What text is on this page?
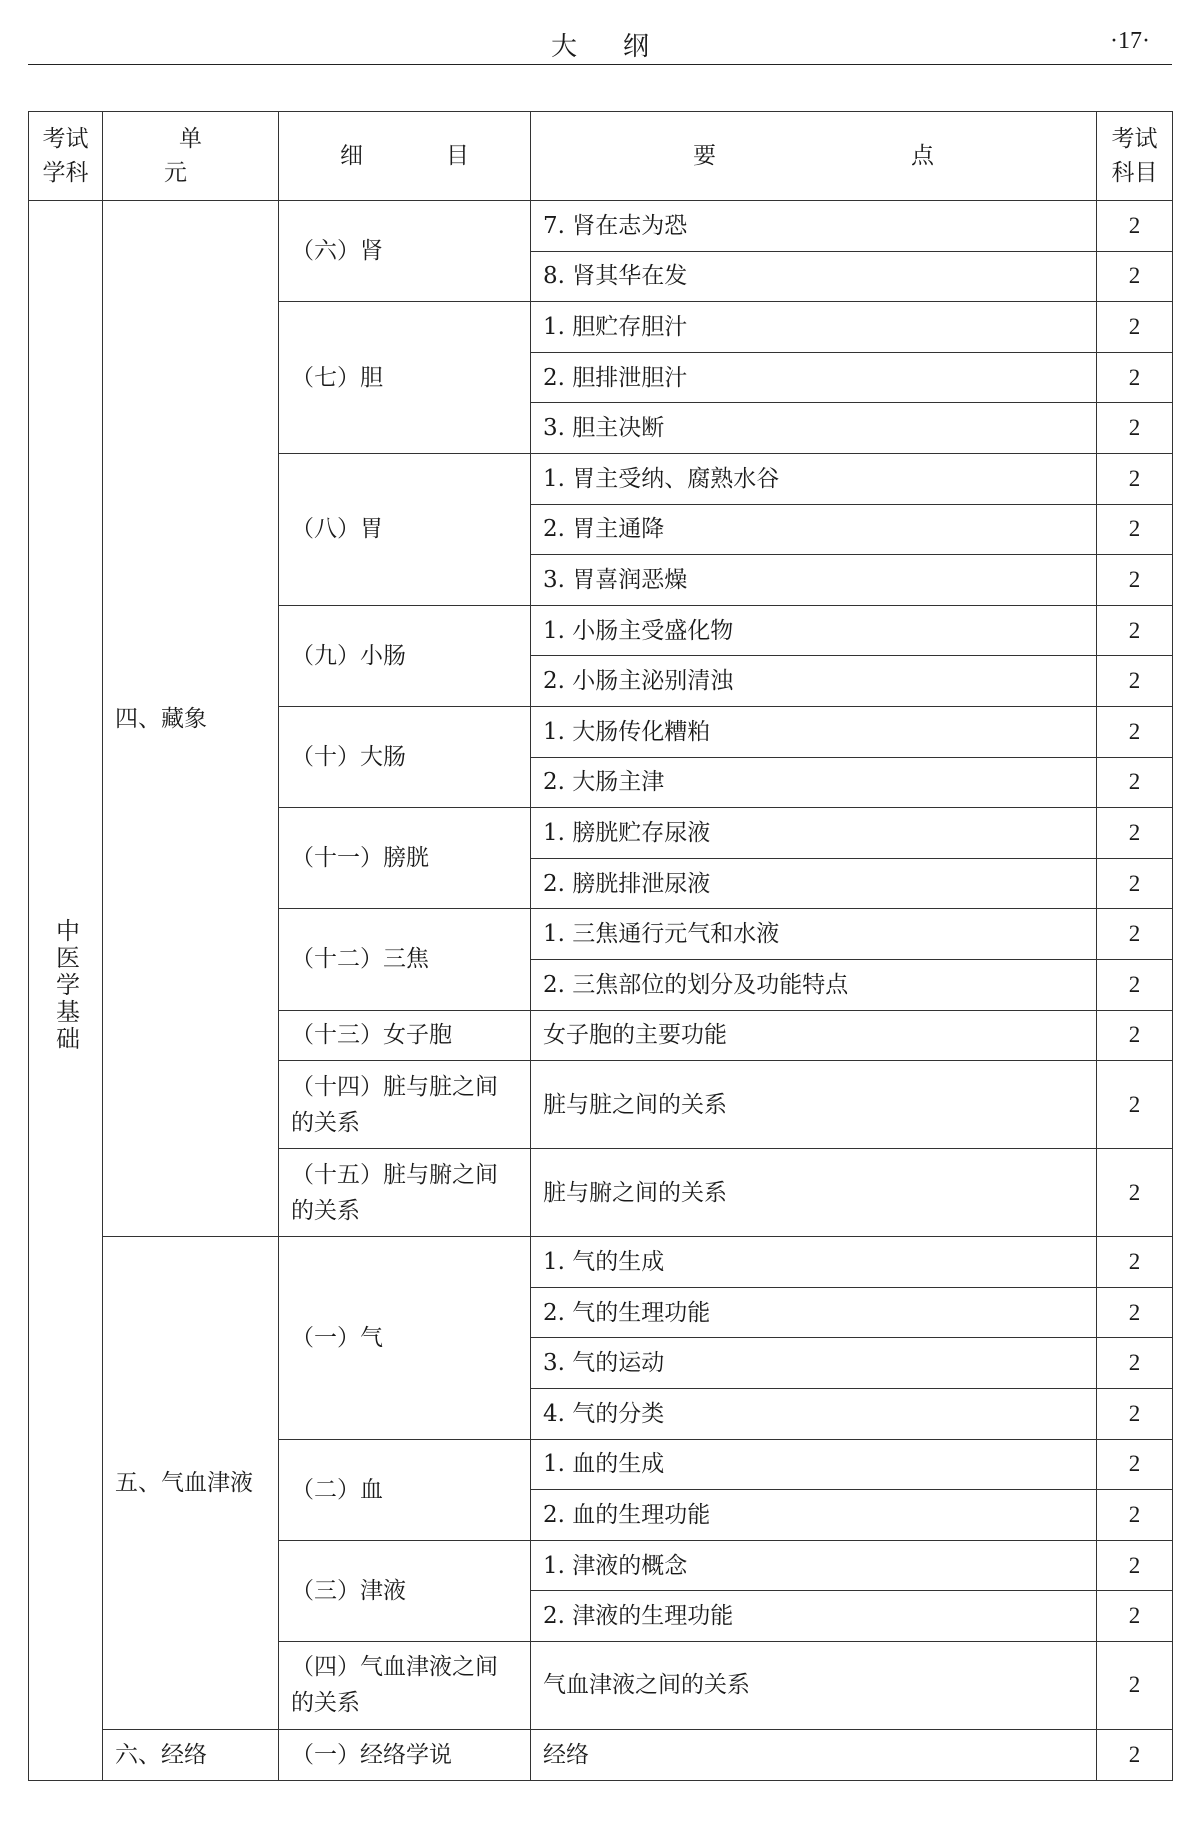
大纲	·17·
考试学科	单　元	细　目	要　点	考试科目
中医学基础	四、藏象	（六）肾	7. 肾在志为恐	2
			8. 肾其华在发	2
		（七）胆	1. 胆贮存胆汁	2
			2. 胆排泄胆汁	2
			3. 胆主决断	2
		（八）胃	1. 胃主受纳、腐熟水谷	2
			2. 胃主通降	2
			3. 胃喜润恶燥	2
		（九）小肠	1. 小肠主受盛化物	2
			2. 小肠主泌别清浊	2
		（十）大肠	1. 大肠传化糟粕	2
			2. 大肠主津	2
		（十一）膀胱	1. 膀胱贮存尿液	2
			2. 膀胱排泄尿液	2
		（十二）三焦	1. 三焦通行元气和水液	2
			2. 三焦部位的划分及功能特点	2
		（十三）女子胞	女子胞的主要功能	2
		（十四）脏与脏之间的关系	脏与脏之间的关系	2
		（十五）脏与腑之间的关系	脏与腑之间的关系	2
	五、气血津液	（一）气	1. 气的生成	2
			2. 气的生理功能	2
			3. 气的运动	2
			4. 气的分类	2
		（二）血	1. 血的生成	2
			2. 血的生理功能	2
		（三）津液	1. 津液的概念	2
			2. 津液的生理功能	2
		（四）气血津液之间的关系	气血津液之间的关系	2
	六、经络	（一）经络学说	经络	2
